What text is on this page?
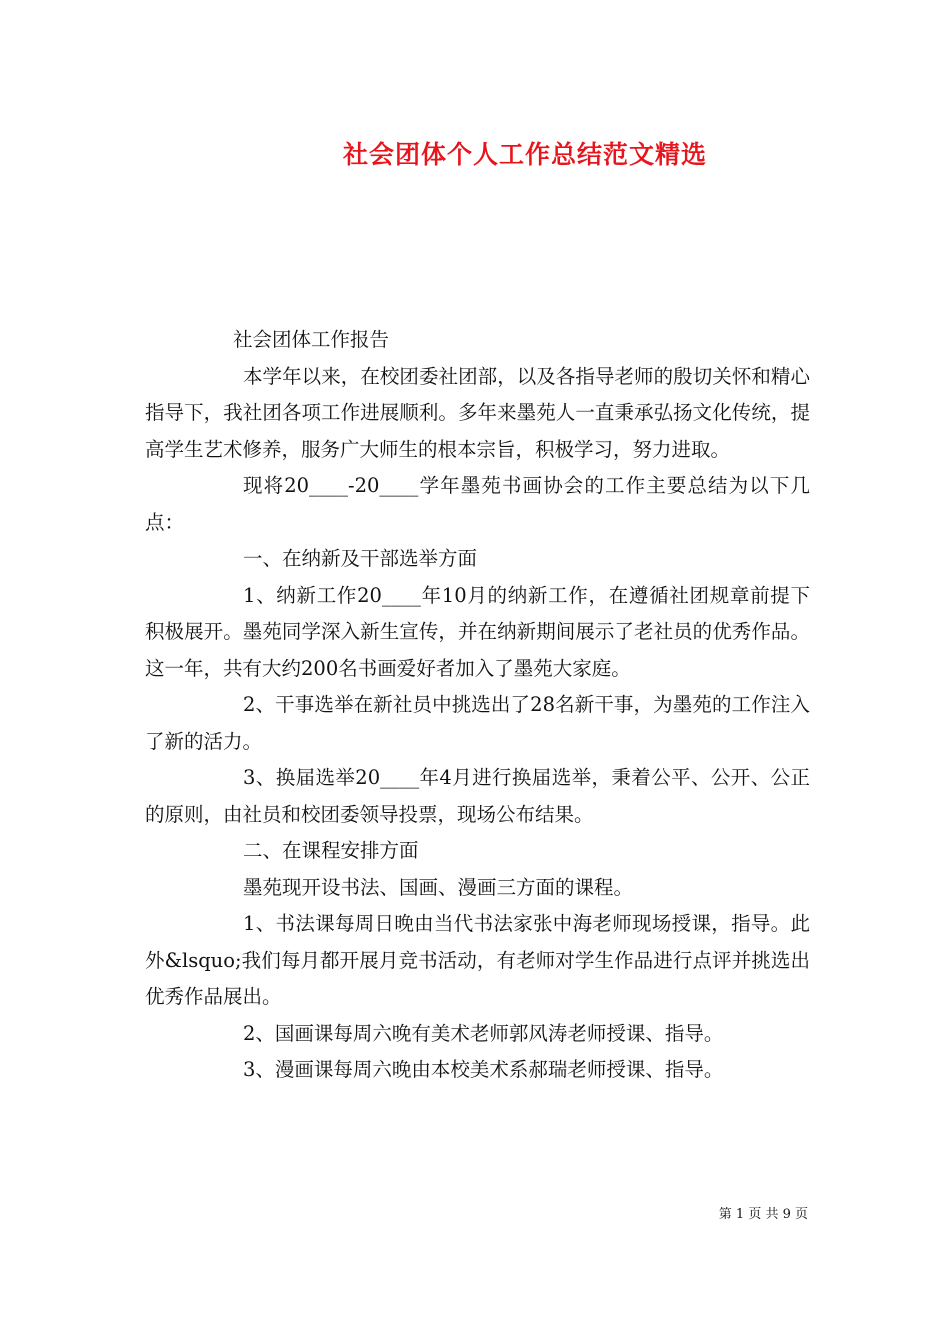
社会团体个人工作总结范文精选

社会团体工作报告

本学年以来，在校团委社团部，以及各指导老师的殷切关怀和精心指导下，我社团各项工作进展顺利。多年来墨苑人一直秉承弘扬文化传统，提高学生艺术修养，服务广大师生的根本宗旨，积极学习，努力进取。

现将20____-20____学年墨苑书画协会的工作主要总结为以下几点：

一、在纳新及干部选举方面

1、纳新工作20____年10月的纳新工作，在遵循社团规章前提下积极展开。墨苑同学深入新生宣传，并在纳新期间展示了老社员的优秀作品。这一年，共有大约200名书画爱好者加入了墨苑大家庭。

2、干事选举在新社员中挑选出了28名新干事，为墨苑的工作注入了新的活力。

3、换届选举20____年4月进行换届选举，秉着公平、公开、公正的原则，由社员和校团委领导投票，现场公布结果。

二、在课程安排方面

墨苑现开设书法、国画、漫画三方面的课程。

1、书法课每周日晚由当代书法家张中海老师现场授课，指导。此外&lsquo;我们每月都开展月竞书活动，有老师对学生作品进行点评并挑选出优秀作品展出。

2、国画课每周六晚有美术老师郭风涛老师授课、指导。

3、漫画课每周六晚由本校美术系郝瑞老师授课、指导。

第 1 页 共 9 页
